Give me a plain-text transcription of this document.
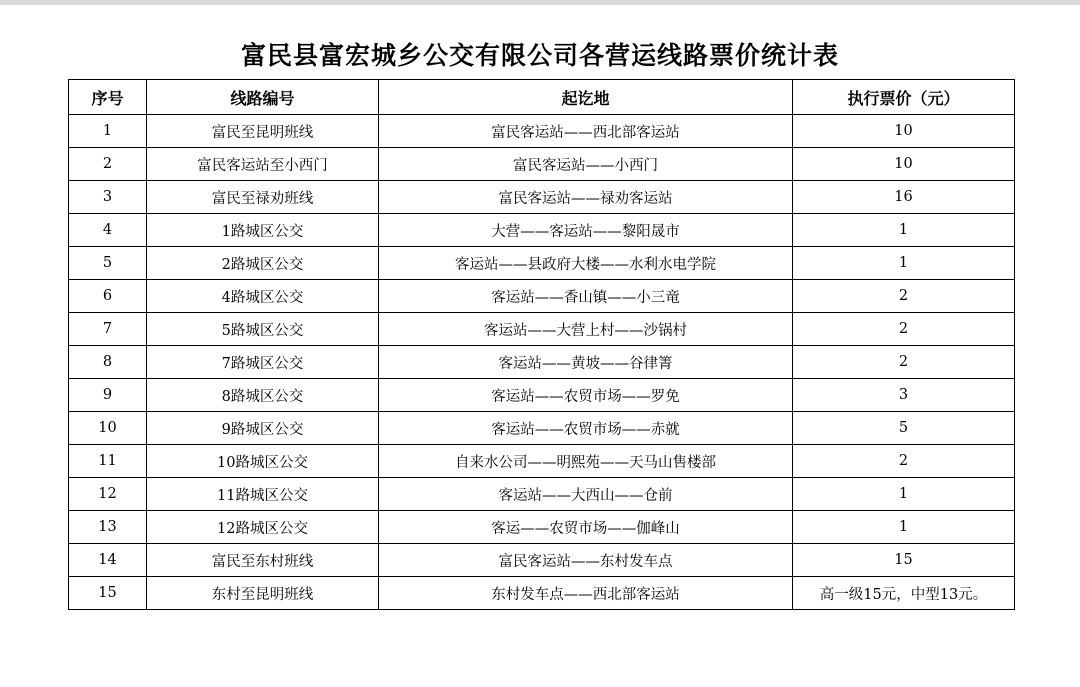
富民县富宏城乡公交有限公司各营运线路票价统计表
序号	线路编号	起讫地	执行票价（元）
1	富民至昆明班线	富民客运站——西北部客运站	10
2	富民客运站至小西门	富民客运站——小西门	10
3	富民至禄劝班线	富民客运站——禄劝客运站	16
4	1路城区公交	大营——客运站——黎阳晟市	1
5	2路城区公交	客运站——县政府大楼——水利水电学院	1
6	4路城区公交	客运站——香山镇——小三竜	2
7	5路城区公交	客运站——大营上村——沙锅村	2
8	7路城区公交	客运站——黄坡——谷律箐	2
9	8路城区公交	客运站——农贸市场——罗免	3
10	9路城区公交	客运站——农贸市场——赤就	5
11	10路城区公交	自来水公司——明熙苑——天马山售楼部	2
12	11路城区公交	客运站——大西山——仓前	1
13	12路城区公交	客运——农贸市场——伽峰山	1
14	富民至东村班线	富民客运站——东村发车点	15
15	东村至昆明班线	东村发车点——西北部客运站	高一级15元，中型13元。
